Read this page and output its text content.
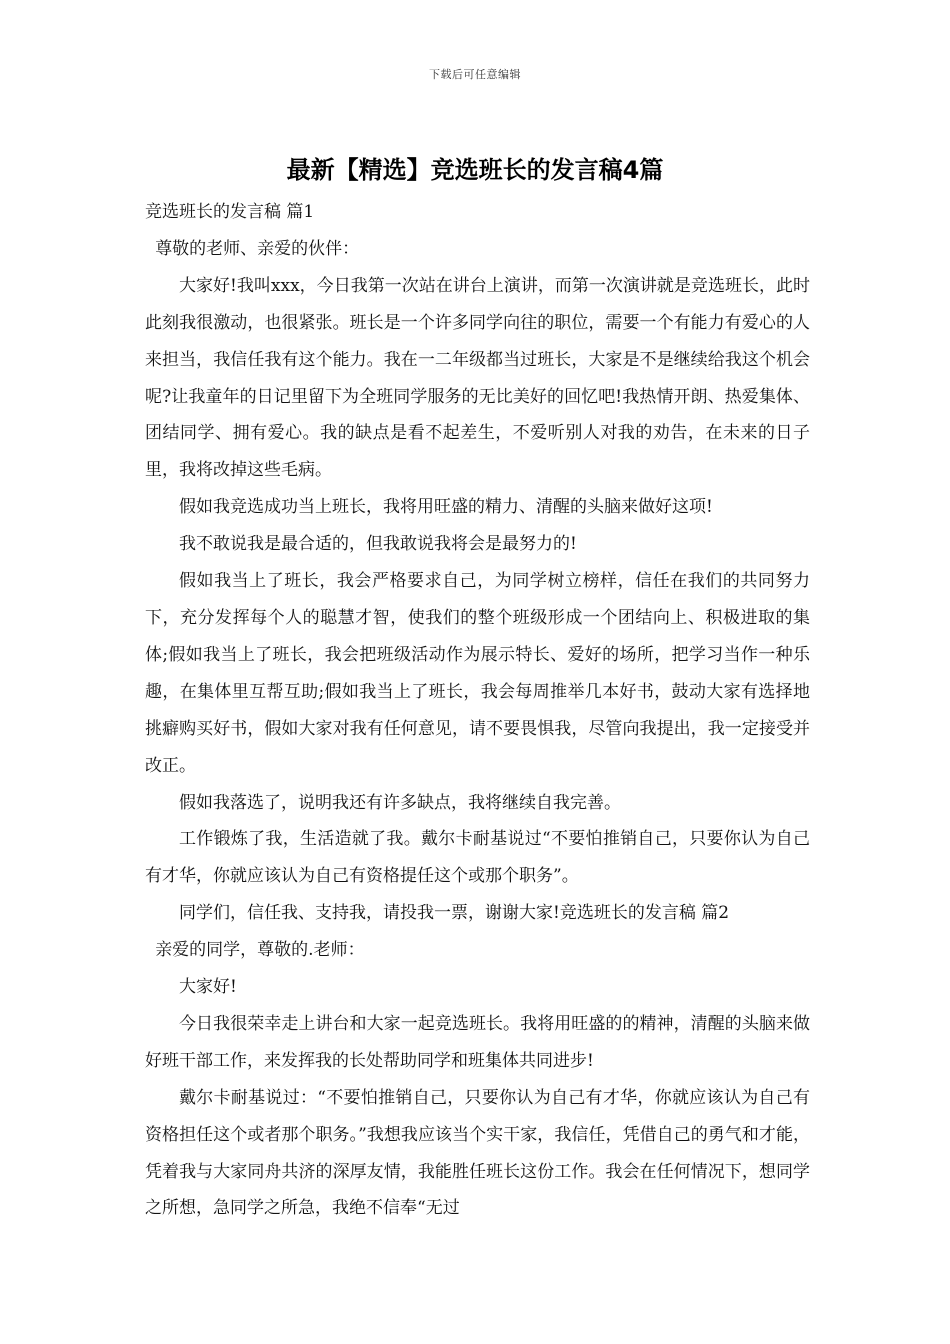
下载后可任意编辑
最新【精选】竞选班长的发言稿4篇

竞选班长的发言稿 篇1

尊敬的老师、亲爱的伙伴：

大家好!我叫xxx，今日我第一次站在讲台上演讲，而第一次演讲就是竞选班长，此时此刻我很激动，也很紧张。班长是一个许多同学向往的职位，需要一个有能力有爱心的人来担当，我信任我有这个能力。我在一二年级都当过班长，大家是不是继续给我这个机会呢?让我童年的日记里留下为全班同学服务的无比美好的回忆吧!我热情开朗、热爱集体、团结同学、拥有爱心。我的缺点是看不起差生，不爱听别人对我的劝告，在未来的日子里，我将改掉这些毛病。

假如我竞选成功当上班长，我将用旺盛的精力、清醒的头脑来做好这项!

我不敢说我是最合适的，但我敢说我将会是最努力的!

假如我当上了班长，我会严格要求自己，为同学树立榜样，信任在我们的共同努力下，充分发挥每个人的聪慧才智，使我们的整个班级形成一个团结向上、积极进取的集体;假如我当上了班长，我会把班级活动作为展示特长、爱好的场所，把学习当作一种乐趣，在集体里互帮互助;假如我当上了班长，我会每周推举几本好书，鼓动大家有选择地挑癖购买好书，假如大家对我有任何意见，请不要畏惧我，尽管向我提出，我一定接受并改正。

假如我落选了，说明我还有许多缺点，我将继续自我完善。

工作锻炼了我，生活造就了我。戴尔卡耐基说过“不要怕推销自己，只要你认为自己有才华，你就应该认为自己有资格提任这个或那个职务”。

同学们，信任我、支持我，请投我一票，谢谢大家!竞选班长的发言稿 篇2

亲爱的同学，尊敬的.老师：

大家好!

今日我很荣幸走上讲台和大家一起竞选班长。我将用旺盛的的精神，清醒的头脑来做好班干部工作，来发挥我的长处帮助同学和班集体共同进步!

戴尔卡耐基说过：“不要怕推销自己，只要你认为自己有才华，你就应该认为自己有资格担任这个或者那个职务。”我想我应该当个实干家，我信任，凭借自己的勇气和才能，凭着我与大家同舟共济的深厚友情，我能胜任班长这份工作。我会在任何情况下，想同学之所想，急同学之所急，我绝不信奉“无过
